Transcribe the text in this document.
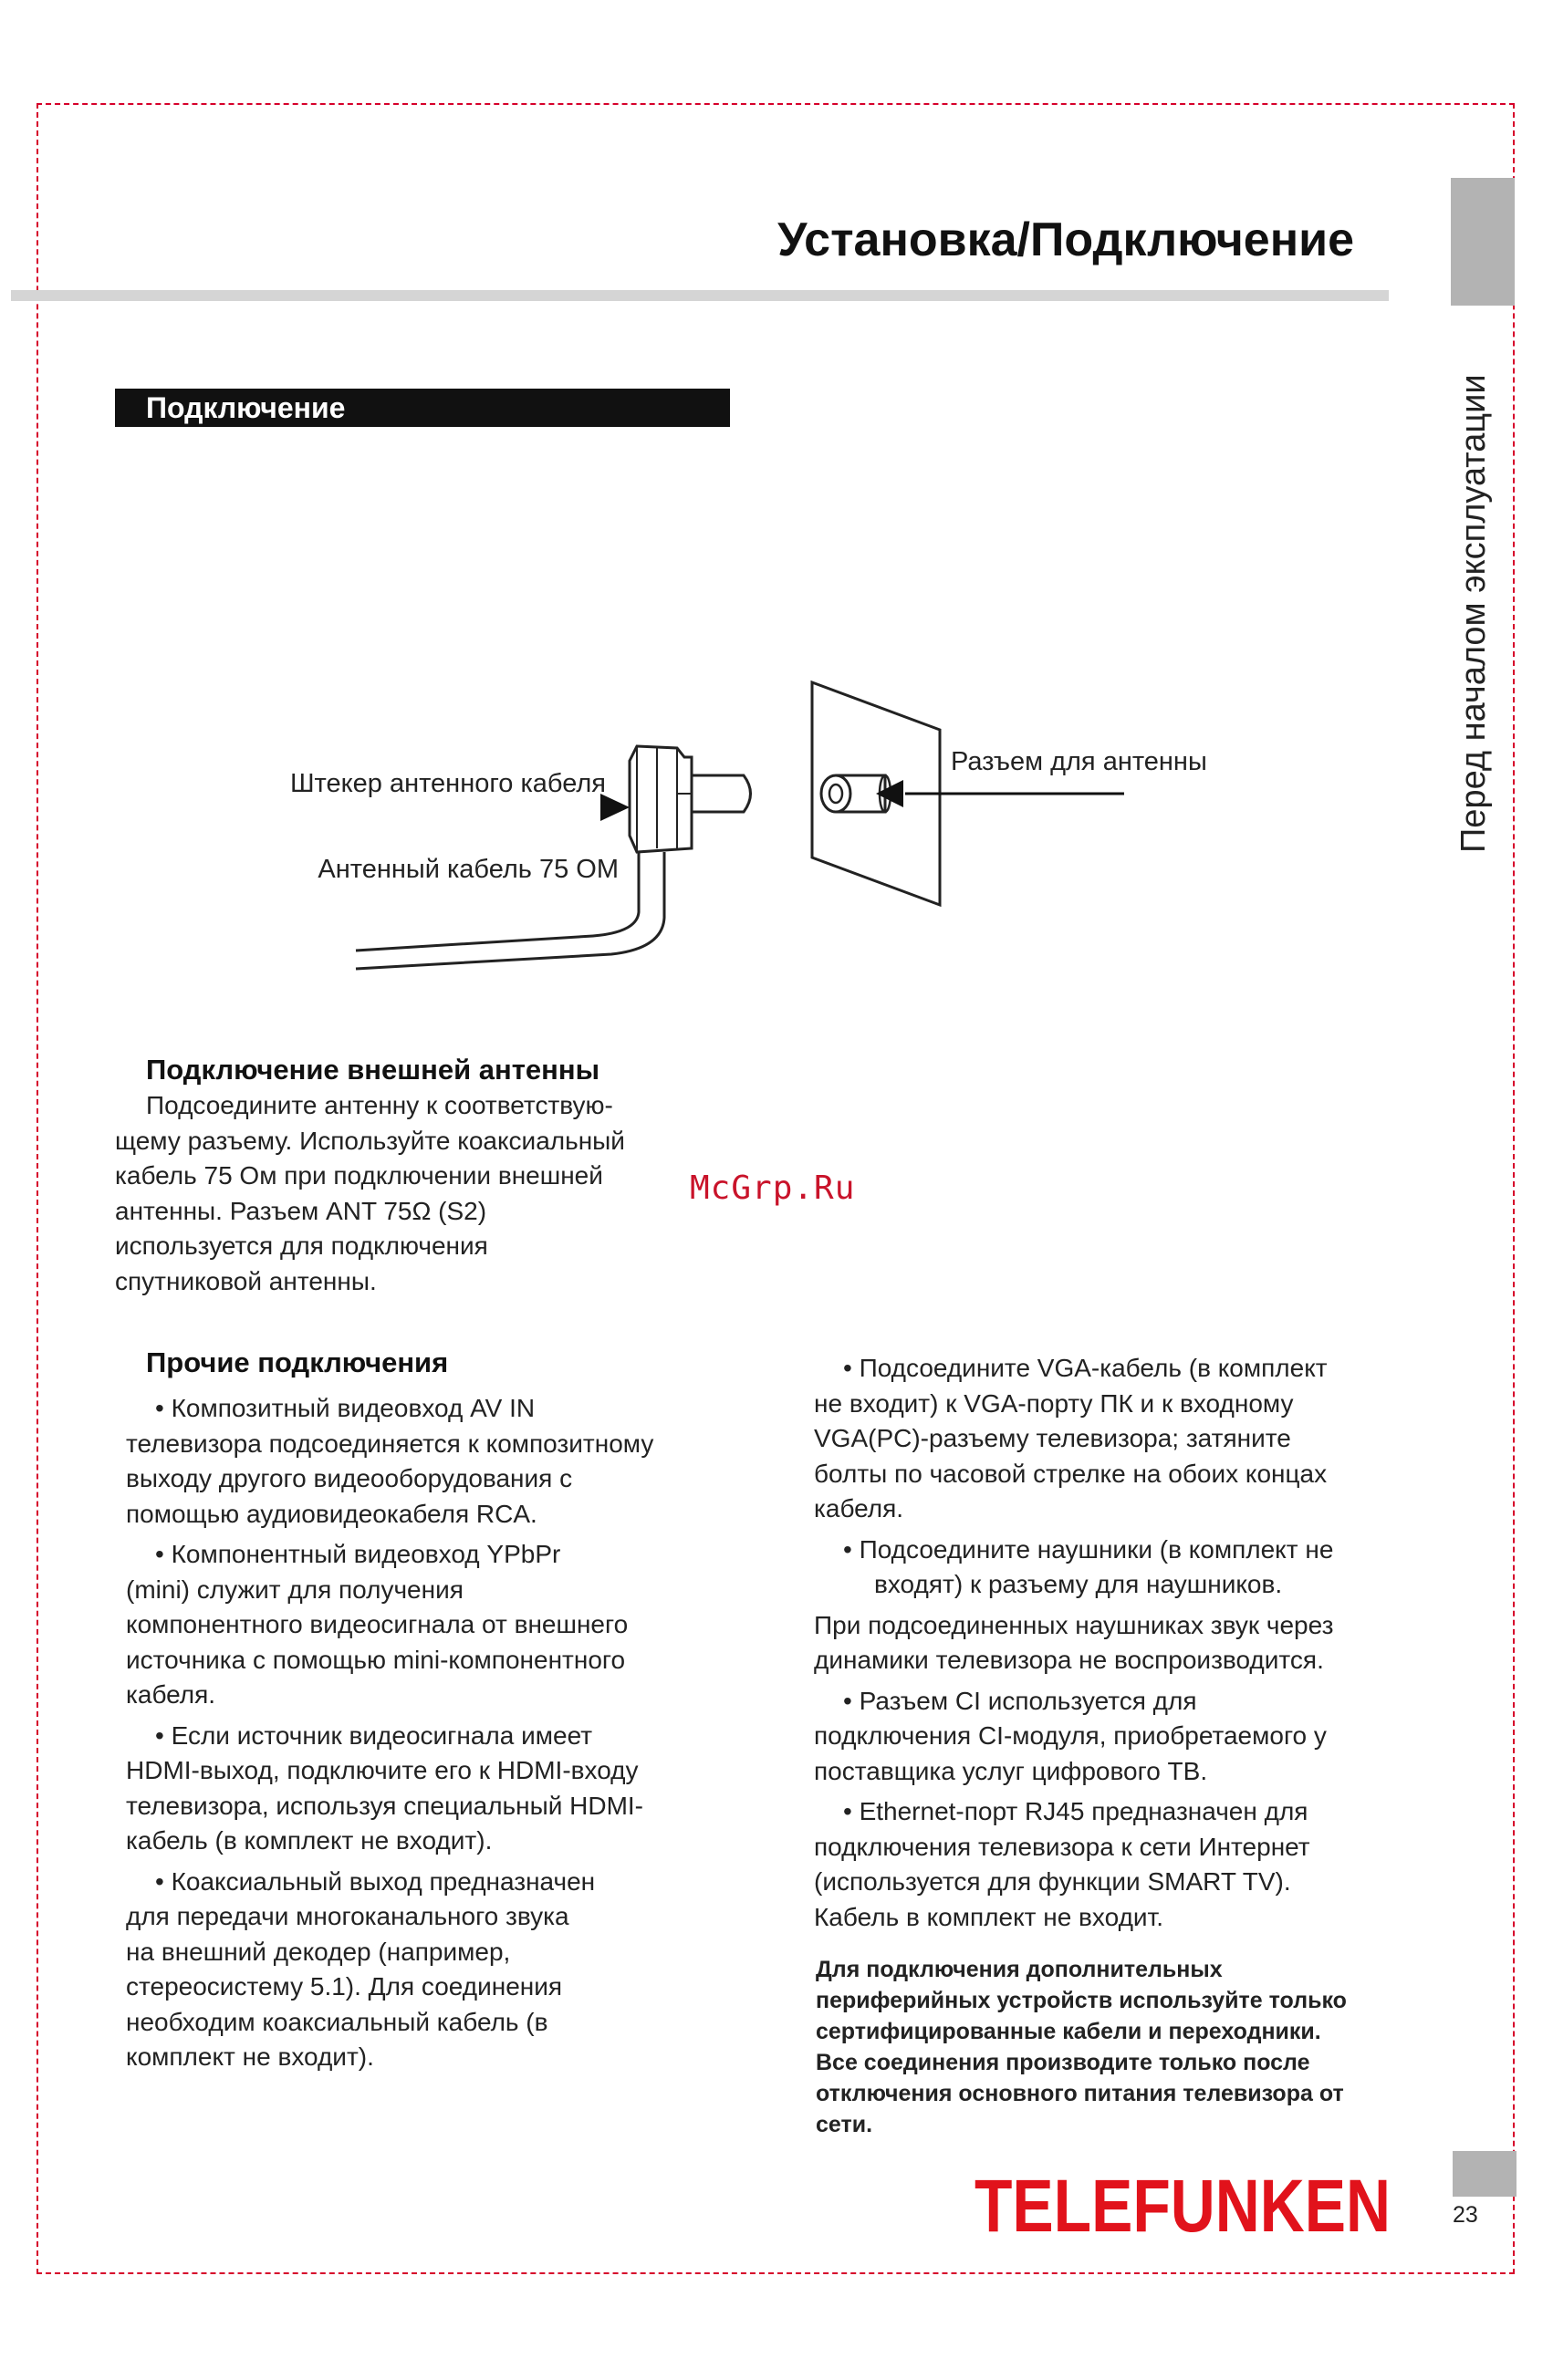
Перед началом эксплуатации
Установка/Подключение
Подключение
Штекер антенного кабеля
Антенный кабель 75 ОМ
Разъем для антенны
Подключение внешней антенны

Подсоедините антенну к соответствую-

щему разъему. Используйте коаксиальный

кабель 75 Ом при подключении внешней

антенны. Разъем ANT 75Ω (S2)

используется для подключения

спутниковой антенны.

McGrp.Ru
Прочие подключения

• Композитный видеовход AV IN

телевизора подсоединяется к композитному

выходу другого видеооборудования с

помощью аудиовидеокабеля RCA.

• Компонентный видеовход YPbPr

(mini) служит для получения

компонентного видеосигнала от внешнего

источника с помощью mini-компонентного

кабеля.

• Если источник видеосигнала имеет

HDMI-выход, подключите его к HDMI-входу

телевизора, используя специальный HDMI-

кабель (в комплект не входит).

• Коаксиальный выход предназначен

для передачи многоканального звука

на внешний декодер (например,

стереосистему 5.1). Для соединения

необходим коаксиальный кабель (в

комплект не входит).

• Подсоедините VGA-кабель (в комплект

не входит) к VGA-порту ПК и к входному

VGA(PC)-разъему телевизора; затяните

болты по часовой стрелке на обоих концах

кабеля.

• Подсоедините наушники (в комплект не

входят) к разъему для наушников.

При подсоединенных наушниках звук через

динамики телевизора не воспроизводится.

• Разъем CI используется для

подключения CI-модуля, приобретаемого у

поставщика услуг цифрового ТВ.

• Ethernet-порт RJ45 предназначен для

подключения телевизора к сети Интернет

(используется для функции SMART TV).

Кабель в комплект не входит.

Для подключения дополнительных
периферийных устройств используйте только
сертифицированные кабели и переходники.
Все соединения производите только после
отключения основного питания телевизора от
сети.
TELEFUNKEN	23
